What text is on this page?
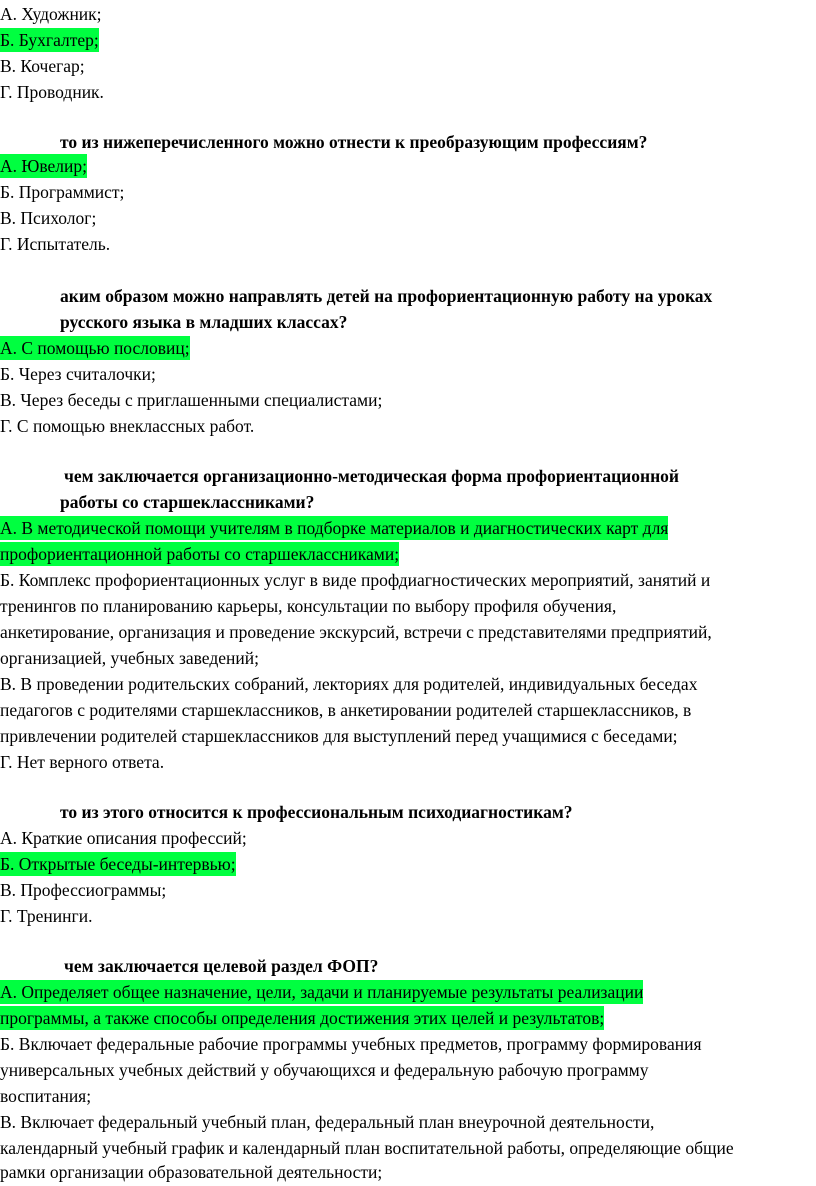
А. Художник;
Б. Бухгалтер;
В. Кочегар;
Г. Проводник.
то из нижеперечисленного можно отнести к преобразующим профессиям?
А. Ювелир;
Б. Программист;
В. Психолог;
Г. Испытатель.
аким образом можно направлять детей на профориентационную работу на уроках
русского языка в младших классах?
А. С помощью пословиц;
Б. Через считалочки;
В. Через беседы с приглашенными специалистами;
Г. С помощью внеклассных работ.
чем заключается организационно-методическая форма профориентационной
работы со старшеклассниками?
А. В методической помощи учителям в подборке материалов и диагностических карт для
профориентационной работы со старшеклассниками;
Б. Комплекс профориентационных услуг в виде профдиагностических мероприятий, занятий и
тренингов по планированию карьеры, консультации по выбору профиля обучения,
анкетирование, организация и проведение экскурсий, встречи с представителями предприятий,
организацией, учебных заведений;
В. В проведении родительских собраний, лекториях для родителей, индивидуальных беседах
педагогов с родителями старшеклассников, в анкетировании родителей старшеклассников, в
привлечении родителей старшеклассников для выступлений перед учащимися с беседами;
Г. Нет верного ответа.
то из этого относится к профессиональным психодиагностикам?
А. Краткие описания профессий;
Б. Открытые беседы-интервью;
В. Профессиограммы;
Г. Тренинги.
чем заключается целевой раздел ФОП?
А. Определяет общее назначение, цели, задачи и планируемые результаты реализации
программы, а также способы определения достижения этих целей и результатов;
Б. Включает федеральные рабочие программы учебных предметов, программу формирования
универсальных учебных действий у обучающихся и федеральную рабочую программу
воспитания;
В. Включает федеральный учебный план, федеральный план внеурочной деятельности,
календарный учебный график и календарный план воспитательной работы, определяющие общие
рамки организации образовательной деятельности;
